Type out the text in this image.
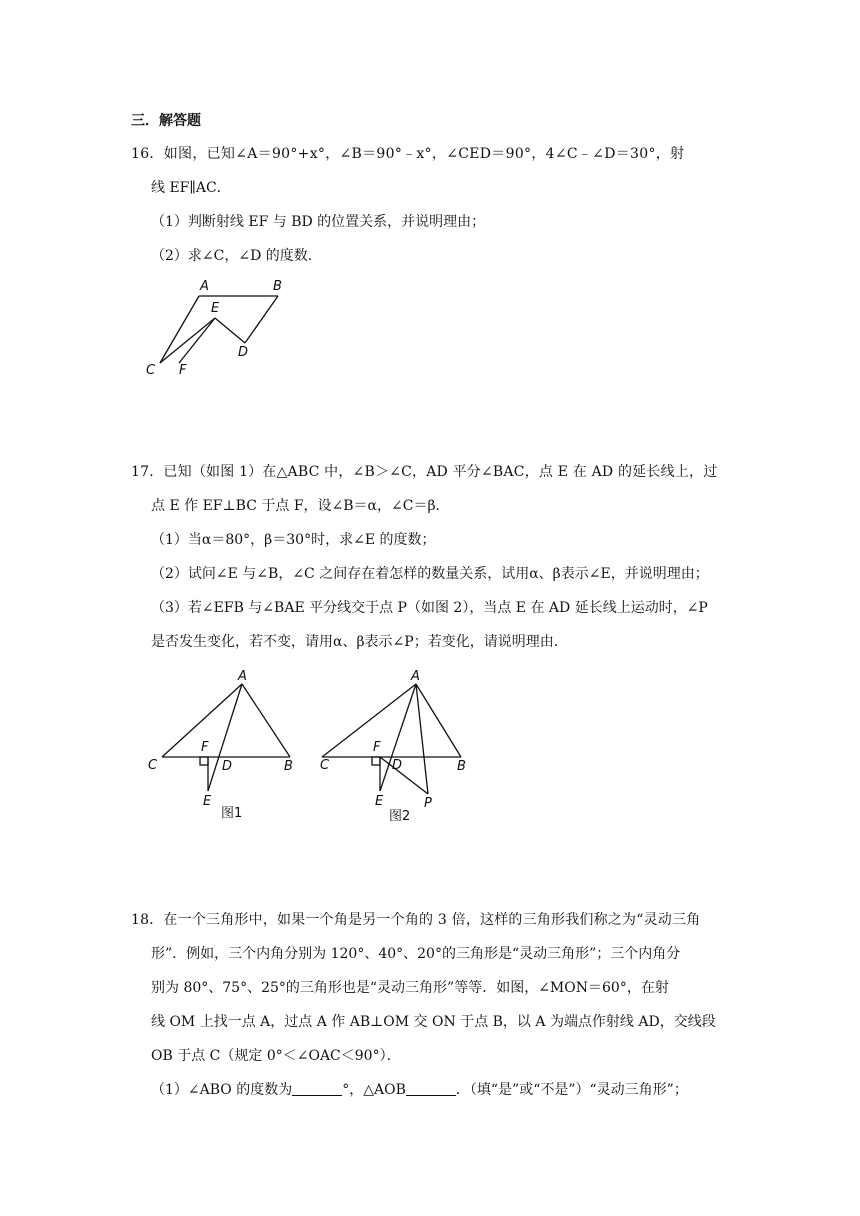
三．解答题
16．如图，已知∠A＝90°+x°，∠B＝90°﹣x°，∠CED＝90°，4∠C﹣∠D＝30°，射
线 EF∥AC．
（1）判断射线 EF 与 BD 的位置关系，并说明理由；
（2）求∠C，∠D 的度数．
A	B
E
D
C F
17．已知（如图 1）在△ABC 中，∠B＞∠C，AD 平分∠BAC，点 E 在 AD 的延长线上，过
点 E 作 EF⊥BC 于点 F，设∠B＝α，∠C＝β．
（1）当α＝80°，β＝30°时，求∠E 的度数；
（2）试问∠E 与∠B，∠C 之间存在着怎样的数量关系，试用α、β表示∠E，并说明理由；
（3）若∠EFB 与∠BAE 平分线交于点 P（如图 2），当点 E 在 AD 延长线上运动时，∠P
是否发生变化，若不变，请用α、β表示∠P；若变化，请说明理由．
A
F
C	D	B
E
图1
A
F
C	D	B
E	P
图2
18．在一个三角形中，如果一个角是另一个角的 3 倍，这样的三角形我们称之为“灵动三角
形”．例如，三个内角分别为 120°、40°、20°的三角形是“灵动三角形”；三个内角分
别为 80°、75°、25°的三角形也是“灵动三角形”等等．如图，∠MON＝60°，在射
线 OM 上找一点 A，过点 A 作 AB⊥OM 交 ON 于点 B，以 A 为端点作射线 AD，交线段
OB 于点 C（规定 0°＜∠OAC＜90°）．
（1）∠ABO 的度数为	°，△AOB	．（填“是”或“不是”）“灵动三角形”；
